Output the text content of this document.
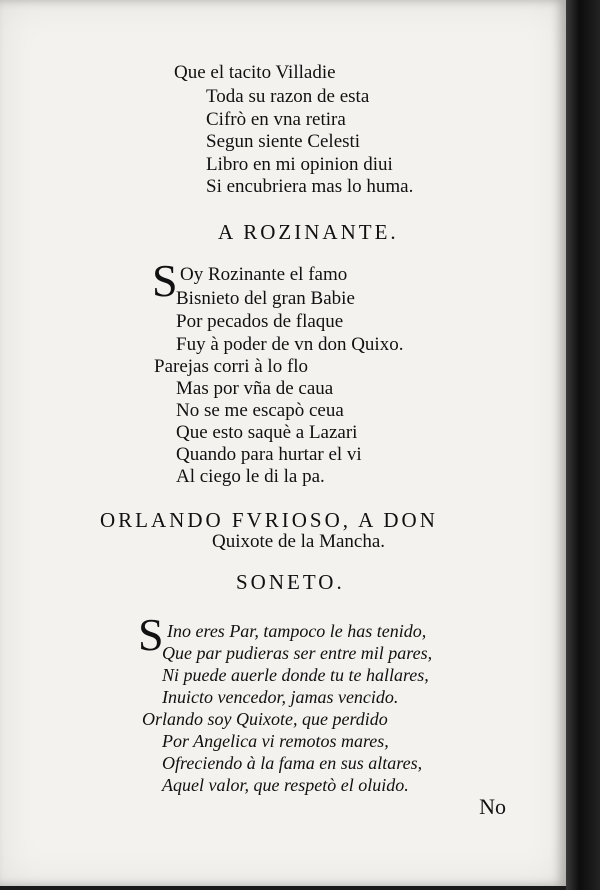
Que el tacito Villadie
Toda su razon de esta
Cifrò en vna retira
Segun siente Celesti
Libro en mi opinion diui
Si encubriera mas lo huma.
A ROZINANTE.
S Oy Rozinante el famo
Bisnieto del gran Babie
Por pecados de flaque
Fuy à poder de vn don Quixo.
Parejas corri à lo flo
Mas por vña de caua
No se me escapò ceua
Que esto saquè a Lazari
Quando para hurtar el vi
Al ciego le di la pa.
ORLANDO FVRIOSO, A DON
Quixote de la Mancha.
SONETO.
S Ino eres Par, tampoco le has tenido,
Que par pudieras ser entre mil pares,
Ni puede auerle donde tu te hallares,
Inuicto vencedor, jamas vencido.
Orlando soy Quixote, que perdido
Por Angelica vi remotos mares,
Ofreciendo à la fama en sus altares,
Aquel valor, que respetò el oluido.
No
